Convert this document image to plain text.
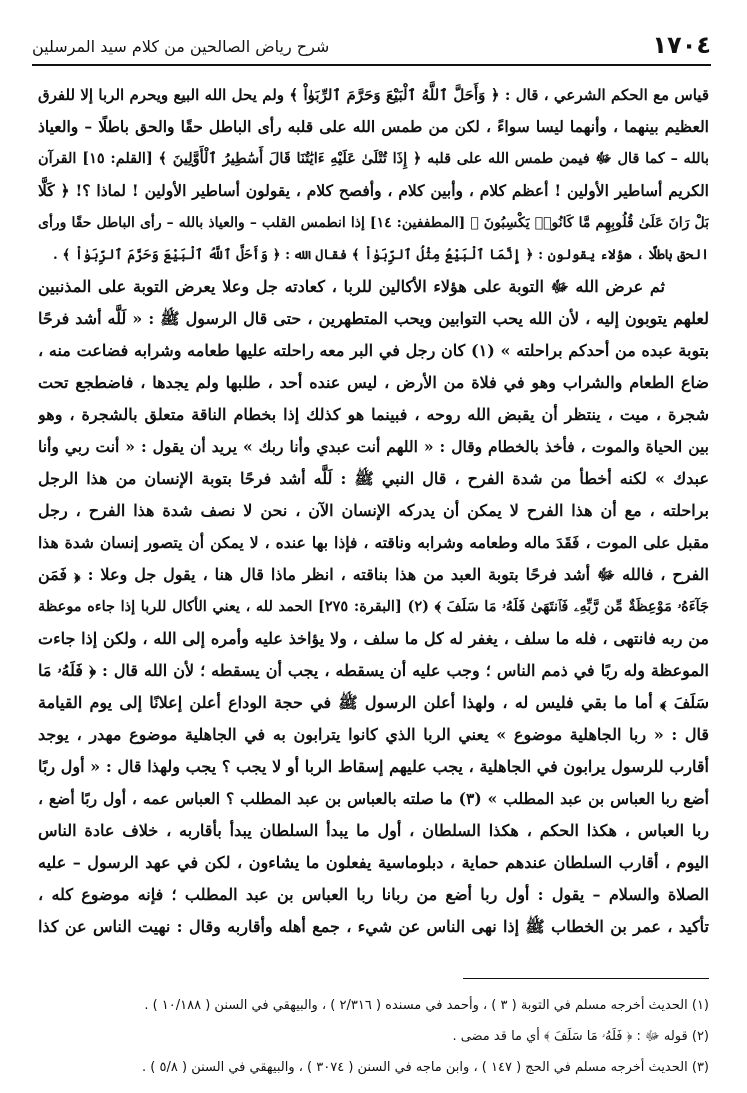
١٧٠٤
شرح رياض الصالحين من كلام سيد المرسلين
قياس مع الحكم الشرعي ، قال : ﴿ وَأَحَلَّ ٱللَّهُ ٱلْبَيْعَ وَحَرَّمَ ٱلرِّبَوٰاْ ﴾ ولم يحل الله البيع ويحرم الربا إلا للفرق
العظيم بينهما ، وأنهما ليسا سواءً ، لكن من طمس الله على قلبه رأى الباطل حقًا والحق باطلًا – والعياذ
بالله – كما قال ﷻ فيمن طمس الله على قلبه ﴿ إِذَا تُتْلَىٰ عَلَيْهِ ءَايَٰتُنَا قَالَ أَسَٰطِيرُ ٱلْأَوَّلِينَ ﴾ [القلم: ١٥] القرآن
الكريم أساطير الأولين ! أعظم كلام ، وأبين كلام ، وأفصح كلام ، يقولون أساطير الأولين ! لماذا ؟! ﴿ كَلَّا
بَلْ رَانَ عَلَىٰ قُلُوبِهِم مَّا كَانُوا۟ يَكْسِبُونَ ﴾ [المطففين: ١٤] إذا انطمس القلب – والعياذ بالله – رأى الباطل حقًا ورأى
الحق باطلًا ، هؤلاء يقولون : ﴿ إِنَّمَا ٱلْبَيْعُ مِثْلُ ٱلرِّبَوٰاْ ﴾ فقال الله : ﴿ وَأَحَلَّ ٱللَّهُ ٱلْبَيْعَ وَحَرَّمَ ٱلرِّبَوٰاْ ﴾ .
ثم عرض الله ﷻ التوبة على هؤلاء الأكالين للربا ، كعادته جل وعلا يعرض التوبة على المذنبين
لعلهم يتوبون إليه ، لأن الله يحب التوابين ويحب المتطهرين ، حتى قال الرسول ﷺ : « لَلَّه أشد فرحًا
بتوبة عبده من أحدكم براحلته » (١) كان رجل في البر معه راحلته عليها طعامه وشرابه فضاعت منه ،
ضاع الطعام والشراب وهو في فلاة من الأرض ، ليس عنده أحد ، طلبها ولم يجدها ، فاضطجع تحت
شجرة ، ميت ، ينتظر أن يقبض الله روحه ، فبينما هو كذلك إذا بخطام الناقة متعلق بالشجرة ، وهو
بين الحياة والموت ، فأخذ بالخطام وقال : « اللهم أنت عبدي وأنا ربك » يريد أن يقول : « أنت ربي وأنا
عبدك » لكنه أخطأ من شدة الفرح ، قال النبي ﷺ : لَلَّه أشد فرحًا بتوبة الإنسان من هذا الرجل
براحلته ، مع أن هذا الفرح لا يمكن أن يدركه الإنسان الآن ، نحن لا نصف شدة هذا الفرح ، رجل
مقبل على الموت ، فَقَدَ ماله وطعامه وشرابه وناقته ، فإذا بها عنده ، لا يمكن أن يتصور إنسان شدة هذا
الفرح ، فالله ﷻ أشد فرحًا بتوبة العبد من هذا بناقته ، انظر ماذا قال هنا ، يقول جل وعلا : ﴿ فَمَن
جَآءَهُۥ مَوْعِظَةٌ مِّن رَّبِّهِۦ فَٱنتَهَىٰ فَلَهُۥ مَا سَلَفَ ﴾ (٢) [البقرة: ٢٧٥] الحمد لله ، يعني الأكال للربا إذا جاءه موعظة
من ربه فانتهى ، فله ما سلف ، يغفر له كل ما سلف ، ولا يؤاخذ عليه وأمره إلى الله ، ولكن إذا جاءت
الموعظة وله ربًا في ذمم الناس ؛ وجب عليه أن يسقطه ، يجب أن يسقطه ؛ لأن الله قال : ﴿ فَلَهُۥ مَا
سَلَفَ ﴾ أما ما بقي فليس له ، ولهذا أعلن الرسول ﷺ في حجة الوداع أعلن إعلانًا إلى يوم القيامة
قال : « ربا الجاهلية موضوع » يعني الربا الذي كانوا يترابون به في الجاهلية موضوع مهدر ، يوجد
أقارب للرسول يرابون في الجاهلية ، يجب عليهم إسقاط الربا أو لا يجب ؟ يجب ولهذا قال : « أول ربًا
أضع ربا العباس بن عبد المطلب » (٣) ما صلته بالعباس بن عبد المطلب ؟ العباس عمه ، أول ربًا أضع ،
ربا العباس ، هكذا الحكم ، هكذا السلطان ، أول ما يبدأ السلطان يبدأ بأقاربه ، خلاف عادة الناس
اليوم ، أقارب السلطان عندهم حماية ، دبلوماسية يفعلون ما يشاءون ، لكن في عهد الرسول – عليه
الصلاة والسلام – يقول : أول ربا أضع من ربانا ربا العباس بن عبد المطلب ؛ فإنه موضوع كله ،
تأكيد ، عمر بن الخطاب ﷺ إذا نهى الناس عن شيء ، جمع أهله وأقاربه وقال : نهيت الناس عن كذا
(١) الحديث أخرجه مسلم في التوبة ( ٣ ) ، وأحمد في مسنده ( ٢/٣١٦ ) ، والبيهقي في السنن ( ١٠/١٨٨ ) .
(٢) قوله ﷻ : ﴿ فَلَهُۥ مَا سَلَفَ ﴾ أي ما قد مضى .
(٣) الحديث أخرجه مسلم في الحج ( ١٤٧ ) ، وابن ماجه في السنن ( ٣٠٧٤ ) ، والبيهقي في السنن ( ٥/٨ ) .
